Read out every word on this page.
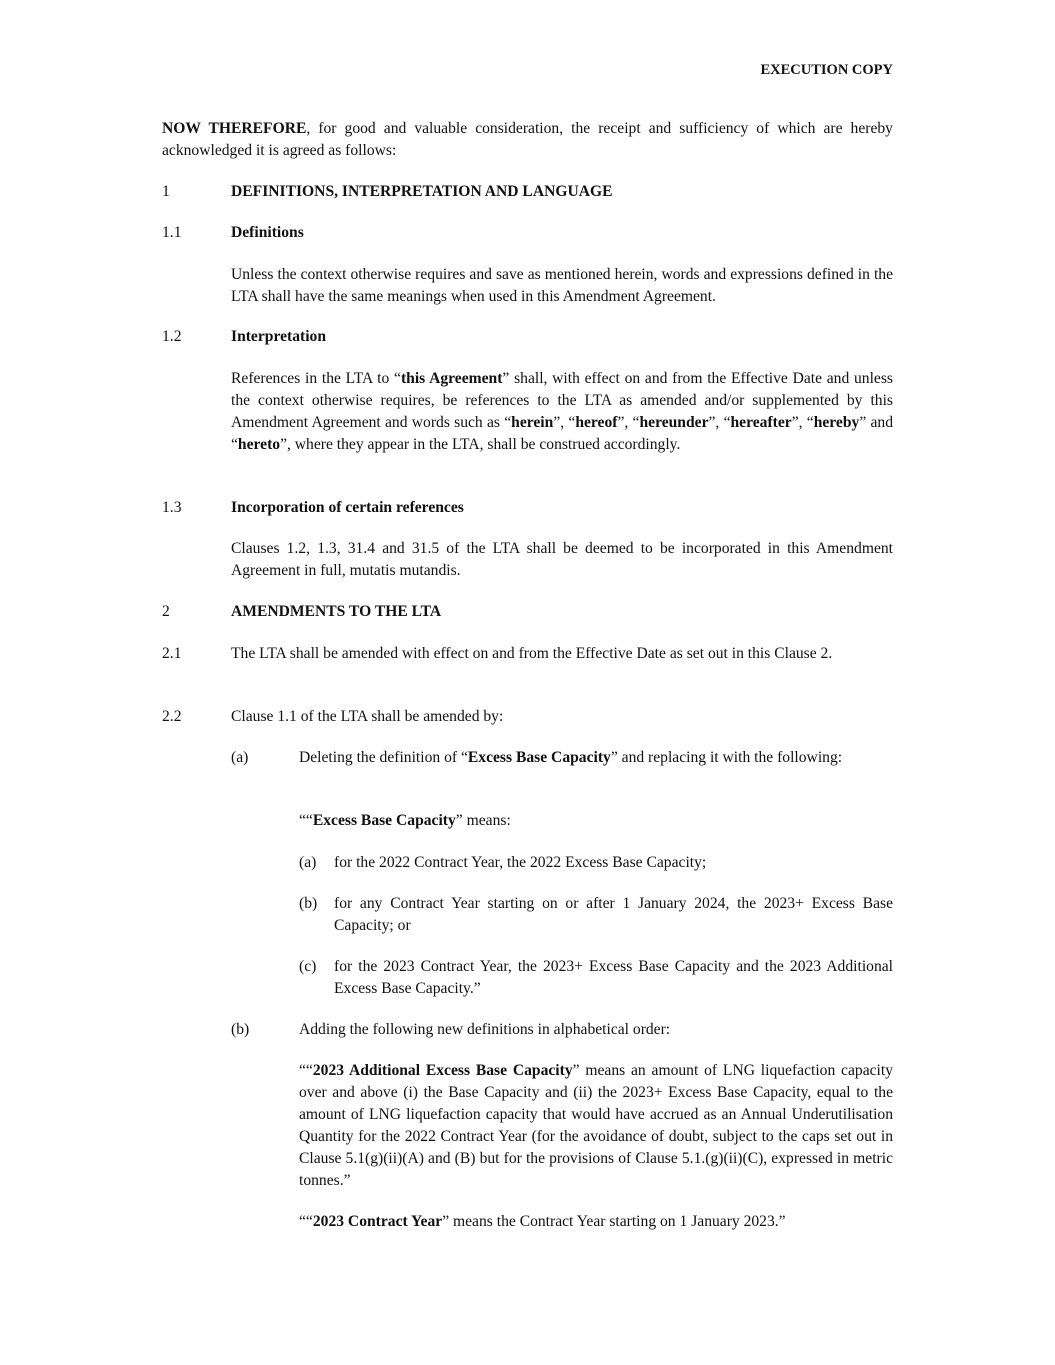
EXECUTION COPY
NOW THEREFORE, for good and valuable consideration, the receipt and sufficiency of which are hereby acknowledged it is agreed as follows:
1	DEFINITIONS, INTERPRETATION AND LANGUAGE
1.1	Definitions
Unless the context otherwise requires and save as mentioned herein, words and expressions defined in the LTA shall have the same meanings when used in this Amendment Agreement.
1.2	Interpretation
References in the LTA to “this Agreement” shall, with effect on and from the Effective Date and unless the context otherwise requires, be references to the LTA as amended and/or supplemented by this Amendment Agreement and words such as “herein”, “hereof”, “hereunder”, “hereafter”, “hereby” and “hereto”, where they appear in the LTA, shall be construed accordingly.
1.3	Incorporation of certain references
Clauses 1.2, 1.3, 31.4 and 31.5 of the LTA shall be deemed to be incorporated in this Amendment Agreement in full, mutatis mutandis.
2	AMENDMENTS TO THE LTA
2.1	The LTA shall be amended with effect on and from the Effective Date as set out in this Clause 2.
2.2	Clause 1.1 of the LTA shall be amended by:
(a)	Deleting the definition of “Excess Base Capacity” and replacing it with the following:
““Excess Base Capacity” means:
(a) for the 2022 Contract Year, the 2022 Excess Base Capacity;
(b) for any Contract Year starting on or after 1 January 2024, the 2023+ Excess Base Capacity; or
(c) for the 2023 Contract Year, the 2023+ Excess Base Capacity and the 2023 Additional Excess Base Capacity.”
(b)	Adding the following new definitions in alphabetical order:
““2023 Additional Excess Base Capacity” means an amount of LNG liquefaction capacity over and above (i) the Base Capacity and (ii) the 2023+ Excess Base Capacity, equal to the amount of LNG liquefaction capacity that would have accrued as an Annual Underutilisation Quantity for the 2022 Contract Year (for the avoidance of doubt, subject to the caps set out in Clause 5.1(g)(ii)(A) and (B) but for the provisions of Clause 5.1.(g)(ii)(C), expressed in metric tonnes.”
““2023 Contract Year” means the Contract Year starting on 1 January 2023.”
